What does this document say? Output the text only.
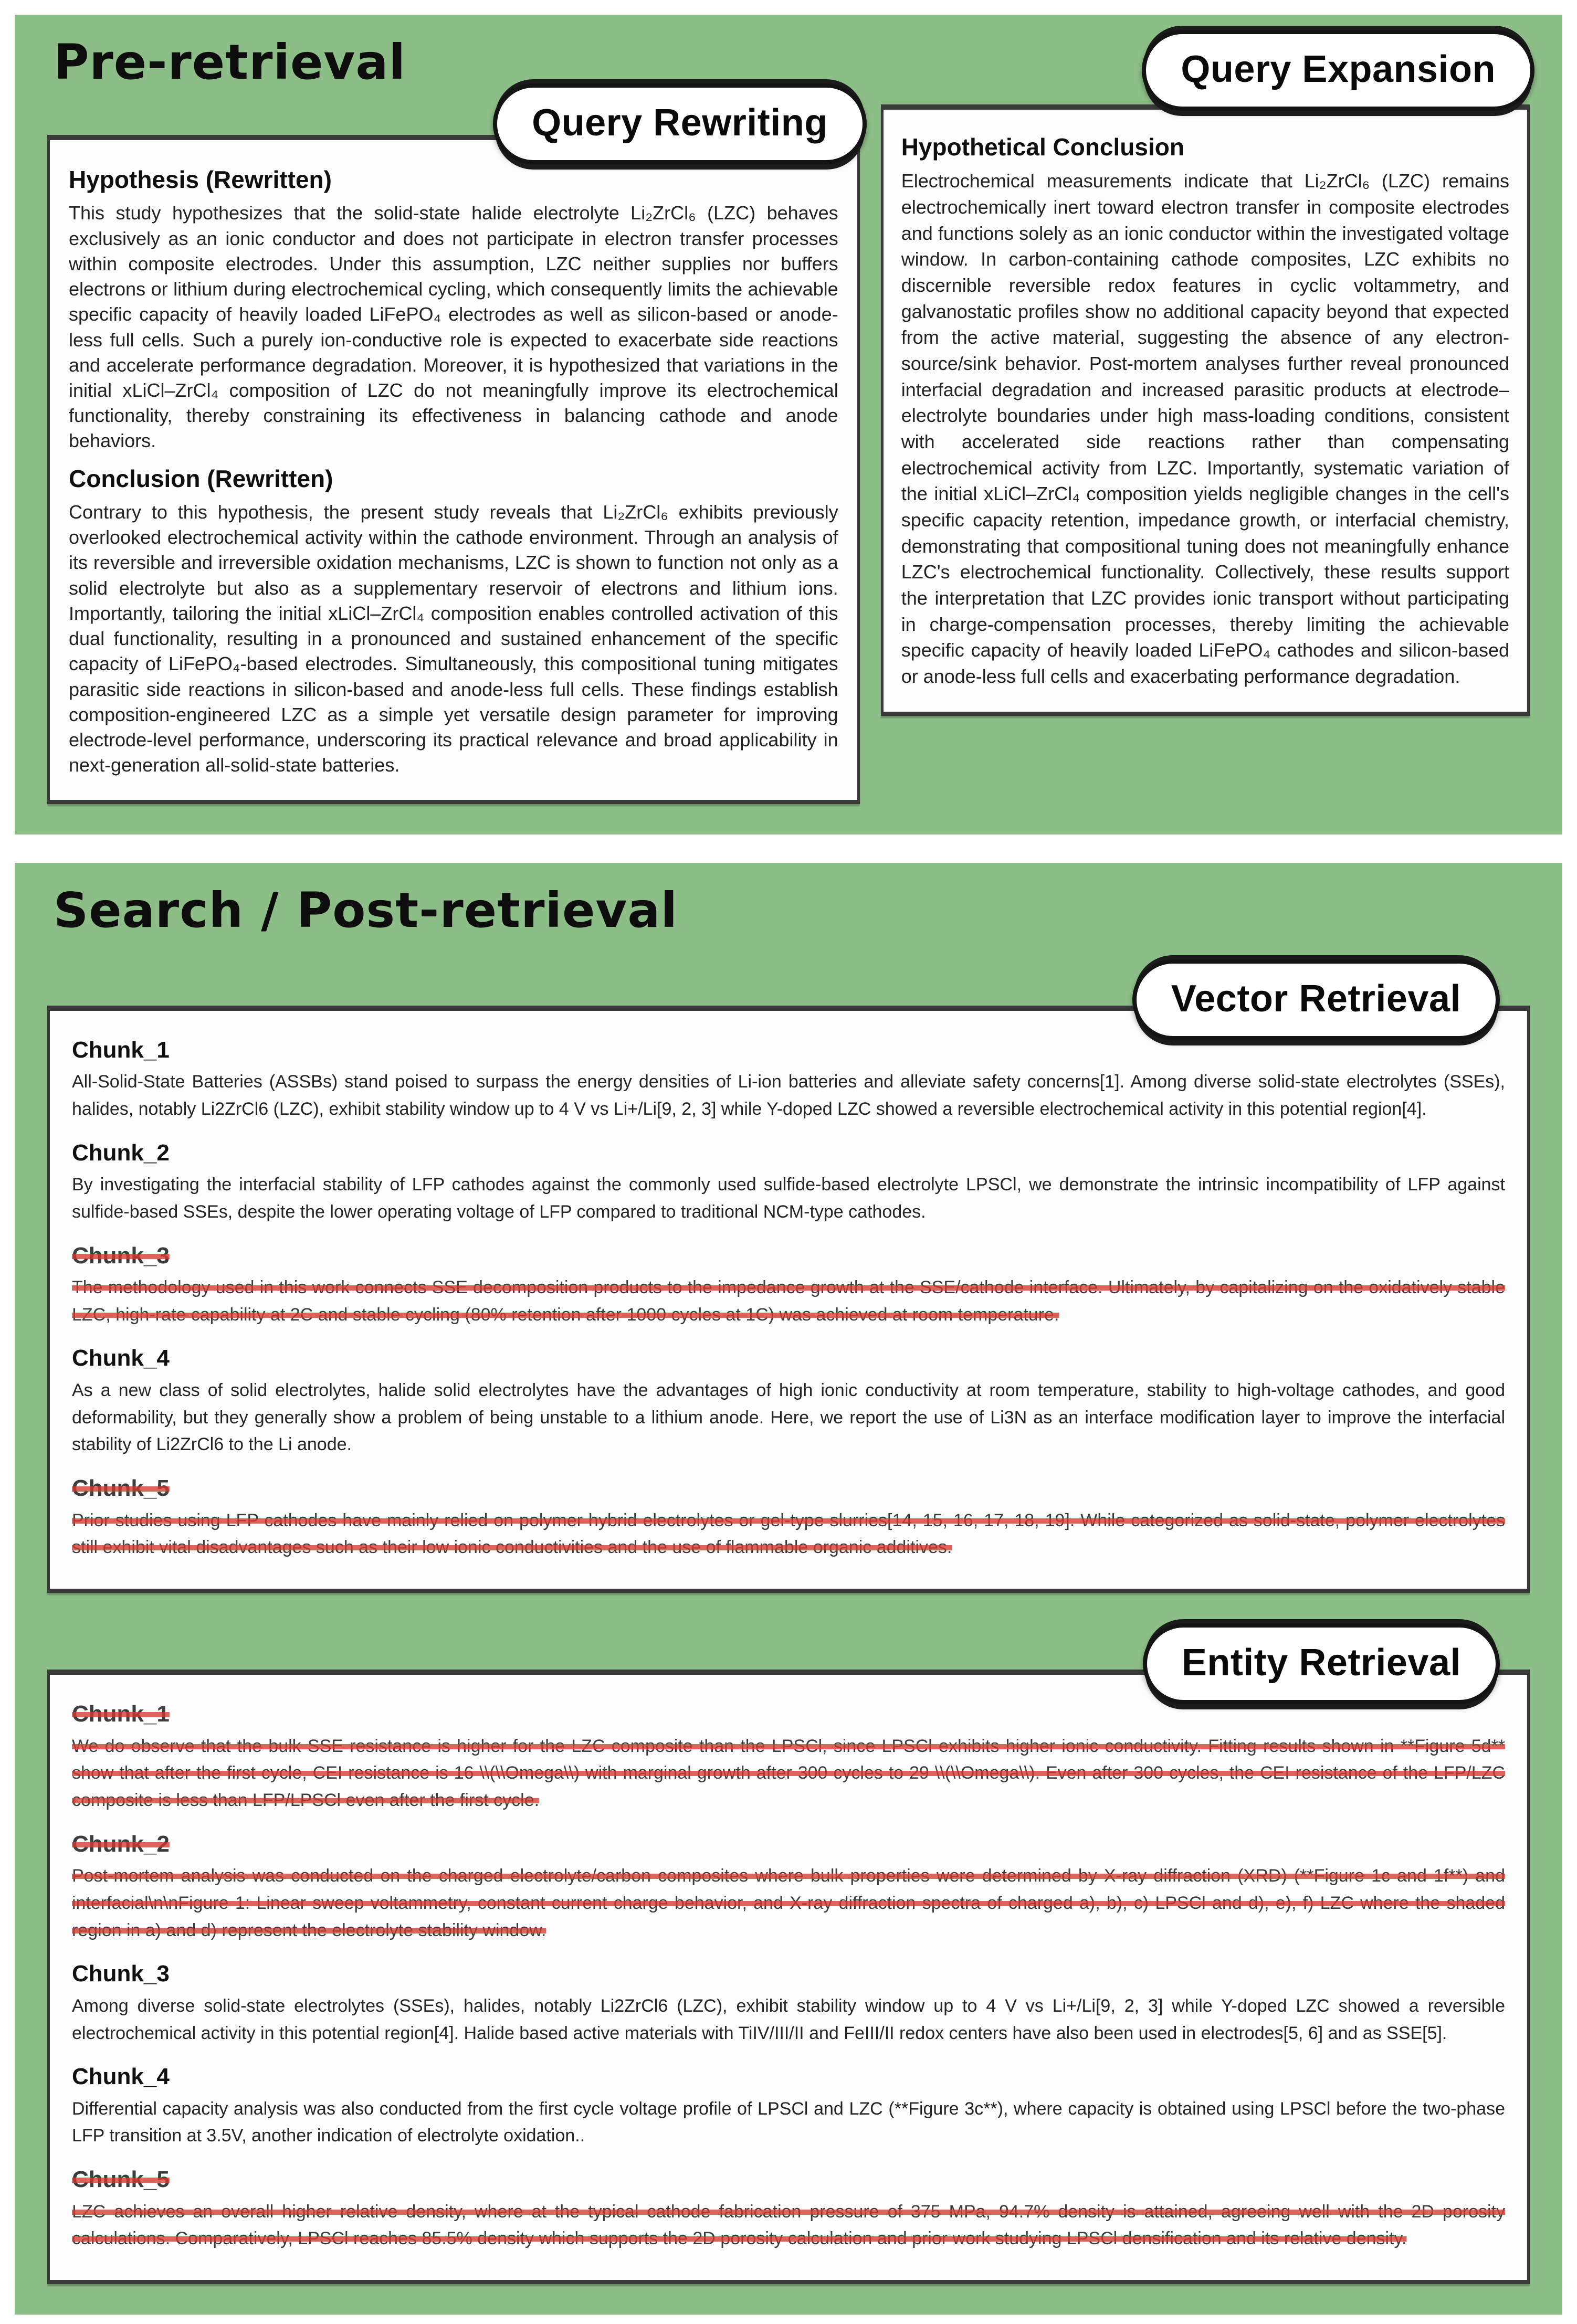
Pre-retrieval
Query Rewriting
Hypothesis (Rewritten)
This study hypothesizes that the solid-state halide electrolyte Li₂ZrCl₆ (LZC) behaves exclusively as an ionic conductor and does not participate in electron transfer processes within composite electrodes. Under this assumption, LZC neither supplies nor buffers electrons or lithium during electrochemical cycling, which consequently limits the achievable specific capacity of heavily loaded LiFePO₄ electrodes as well as silicon-based or anode-less full cells. Such a purely ion-conductive role is expected to exacerbate side reactions and accelerate performance degradation. Moreover, it is hypothesized that variations in the initial xLiCl–ZrCl₄ composition of LZC do not meaningfully improve its electrochemical functionality, thereby constraining its effectiveness in balancing cathode and anode behaviors.
Conclusion (Rewritten)
Contrary to this hypothesis, the present study reveals that Li₂ZrCl₆ exhibits previously overlooked electrochemical activity within the cathode environment. Through an analysis of its reversible and irreversible oxidation mechanisms, LZC is shown to function not only as a solid electrolyte but also as a supplementary reservoir of electrons and lithium ions. Importantly, tailoring the initial xLiCl–ZrCl₄ composition enables controlled activation of this dual functionality, resulting in a pronounced and sustained enhancement of the specific capacity of LiFePO₄-based electrodes. Simultaneously, this compositional tuning mitigates parasitic side reactions in silicon-based and anode-less full cells. These findings establish composition-engineered LZC as a simple yet versatile design parameter for improving electrode-level performance, underscoring its practical relevance and broad applicability in next-generation all-solid-state batteries.
Query Expansion
Hypothetical Conclusion
Electrochemical measurements indicate that Li₂ZrCl₆ (LZC) remains electrochemically inert toward electron transfer in composite electrodes and functions solely as an ionic conductor within the investigated voltage window. In carbon-containing cathode composites, LZC exhibits no discernible reversible redox features in cyclic voltammetry, and galvanostatic profiles show no additional capacity beyond that expected from the active material, suggesting the absence of any electron-source/sink behavior. Post-mortem analyses further reveal pronounced interfacial degradation and increased parasitic products at electrode–electrolyte boundaries under high mass-loading conditions, consistent with accelerated side reactions rather than compensating electrochemical activity from LZC. Importantly, systematic variation of the initial xLiCl–ZrCl₄ composition yields negligible changes in the cell's specific capacity retention, impedance growth, or interfacial chemistry, demonstrating that compositional tuning does not meaningfully enhance LZC's electrochemical functionality. Collectively, these results support the interpretation that LZC provides ionic transport without participating in charge-compensation processes, thereby limiting the achievable specific capacity of heavily loaded LiFePO₄ cathodes and silicon-based or anode-less full cells and exacerbating performance degradation.
Search / Post-retrieval
Vector Retrieval
Chunk_1
All-Solid-State Batteries (ASSBs) stand poised to surpass the energy densities of Li-ion batteries and alleviate safety concerns[1]. Among diverse solid-state electrolytes (SSEs), halides, notably Li2ZrCl6 (LZC), exhibit stability window up to 4 V vs Li+/Li[9, 2, 3] while Y-doped LZC showed a reversible electrochemical activity in this potential region[4].
Chunk_2
By investigating the interfacial stability of LFP cathodes against the commonly used sulfide-based electrolyte LPSCl, we demonstrate the intrinsic incompatibility of LFP against sulfide-based SSEs, despite the lower operating voltage of LFP compared to traditional NCM-type cathodes.
Chunk_3
The methodology used in this work connects SSE decomposition products to the impedance growth at the SSE/cathode interface. Ultimately, by capitalizing on the oxidatively stable LZC, high-rate capability at 2C and stable cycling (80% retention after 1000 cycles at 1C) was achieved at room temperature.
Chunk_4
As a new class of solid electrolytes, halide solid electrolytes have the advantages of high ionic conductivity at room temperature, stability to high-voltage cathodes, and good deformability, but they generally show a problem of being unstable to a lithium anode. Here, we report the use of Li3N as an interface modification layer to improve the interfacial stability of Li2ZrCl6 to the Li anode.
Chunk_5
Prior studies using LFP cathodes have mainly relied on polymer hybrid electrolytes or gel-type slurries[14, 15, 16, 17, 18, 19]. While categorized as solid-state, polymer electrolytes still exhibit vital disadvantages such as their low ionic conductivities and the use of flammable organic additives.
Entity Retrieval
Chunk_1
We do observe that the bulk SSE resistance is higher for the LZC composite than the LPSCl, since LPSCl exhibits higher ionic conductivity. Fitting results shown in **Figure 5d** show that after the first cycle, CEI resistance is 16 \\(\\Omega\\) with marginal growth after 300 cycles to 29 \\(\\Omega\\). Even after 300 cycles, the CEI resistance of the LFP/LZC composite is less than LFP/LPSCl even after the first cycle.
Chunk_2
Post-mortem analysis was conducted on the charged electrolyte/carbon composites where bulk properties were determined by X-ray diffraction (XRD) (**Figure 1c and 1f**) and interfacial\n\nFigure 1: Linear sweep voltammetry, constant current charge behavior, and X-ray diffraction spectra of charged a), b), c) LPSCl and d), e), f) LZC where the shaded region in a) and d) represent the electrolyte stability window.
Chunk_3
Among diverse solid-state electrolytes (SSEs), halides, notably Li2ZrCl6 (LZC), exhibit stability window up to 4 V vs Li+/Li[9, 2, 3] while Y-doped LZC showed a reversible electrochemical activity in this potential region[4]. Halide based active materials with TiIV/III/II and FeIII/II redox centers have also been used in electrodes[5, 6] and as SSE[5].
Chunk_4
Differential capacity analysis was also conducted from the first cycle voltage profile of LPSCl and LZC (**Figure 3c**), where capacity is obtained using LPSCl before the two-phase LFP transition at 3.5V, another indication of electrolyte oxidation..
Chunk_5
LZC achieves an overall higher relative density, where at the typical cathode fabrication pressure of 375 MPa, 94.7% density is attained, agreeing well with the 2D porosity calculations. Comparatively, LPSCl reaches 85.5% density which supports the 2D porosity calculation and prior work studying LPSCl densification and its relative density.
